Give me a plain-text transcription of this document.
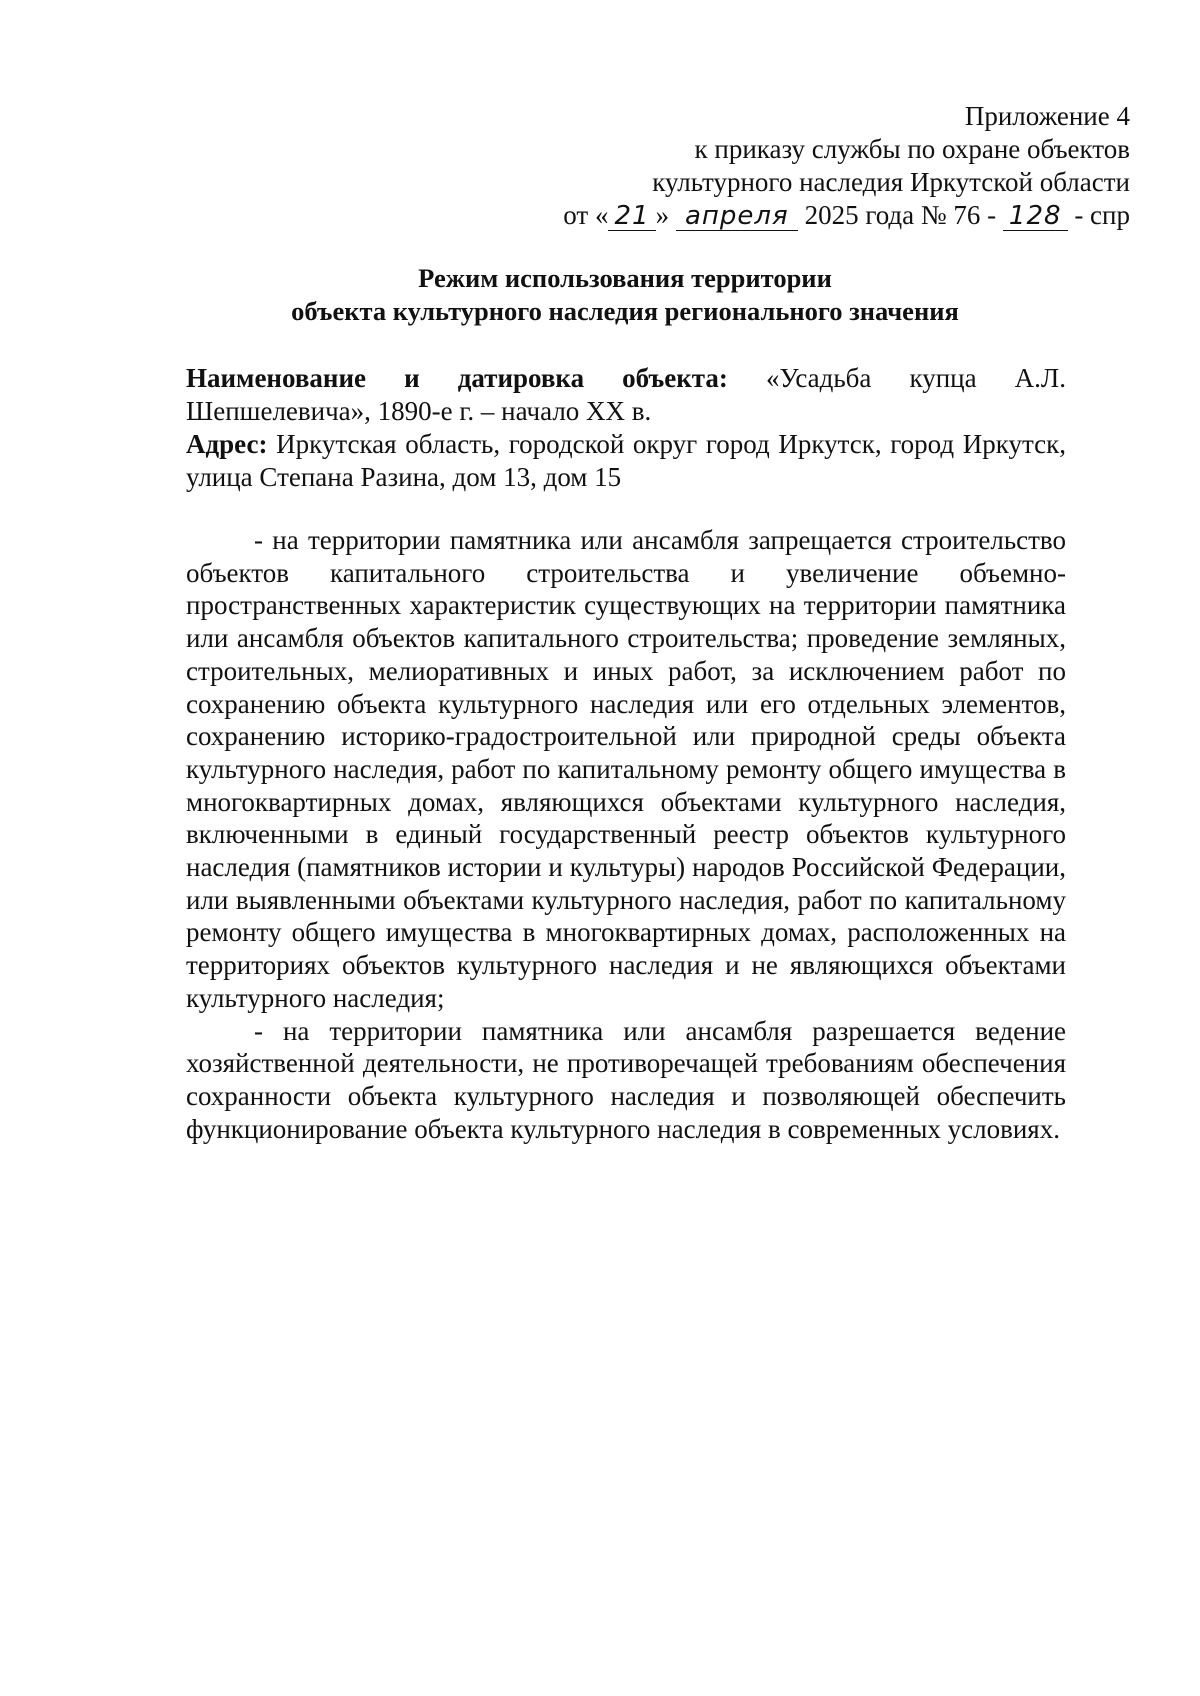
Приложение 4
к приказу службы по охране объектов
культурного наследия Иркутской области
от « 21 » апреля 2025 года № 76 - 128 - спр
Режим использования территории
объекта культурного наследия регионального значения

Наименование и датировка объекта: «Усадьба купца А.Л. Шепшелевича», 1890-е г. – начало XX в.

Адрес: Иркутская область, городской округ город Иркутск, город Иркутск, улица Степана Разина, дом 13, дом 15

- на территории памятника или ансамбля запрещается строительство объектов капитального строительства и увеличение объемно-пространственных характеристик существующих на территории памятника или ансамбля объектов капитального строительства; проведение земляных, строительных, мелиоративных и иных работ, за исключением работ по сохранению объекта культурного наследия или его отдельных элементов, сохранению историко-градостроительной или природной среды объекта культурного наследия, работ по капитальному ремонту общего имущества в многоквартирных домах, являющихся объектами культурного наследия, включенными в единый государственный реестр объектов культурного наследия (памятников истории и культуры) народов Российской Федерации, или выявленными объектами культурного наследия, работ по капитальному ремонту общего имущества в многоквартирных домах, расположенных на территориях объектов культурного наследия и не являющихся объектами культурного наследия;

- на территории памятника или ансамбля разрешается ведение хозяйственной деятельности, не противоречащей требованиям обеспечения сохранности объекта культурного наследия и позволяющей обеспечить функционирование объекта культурного наследия в современных условиях.
